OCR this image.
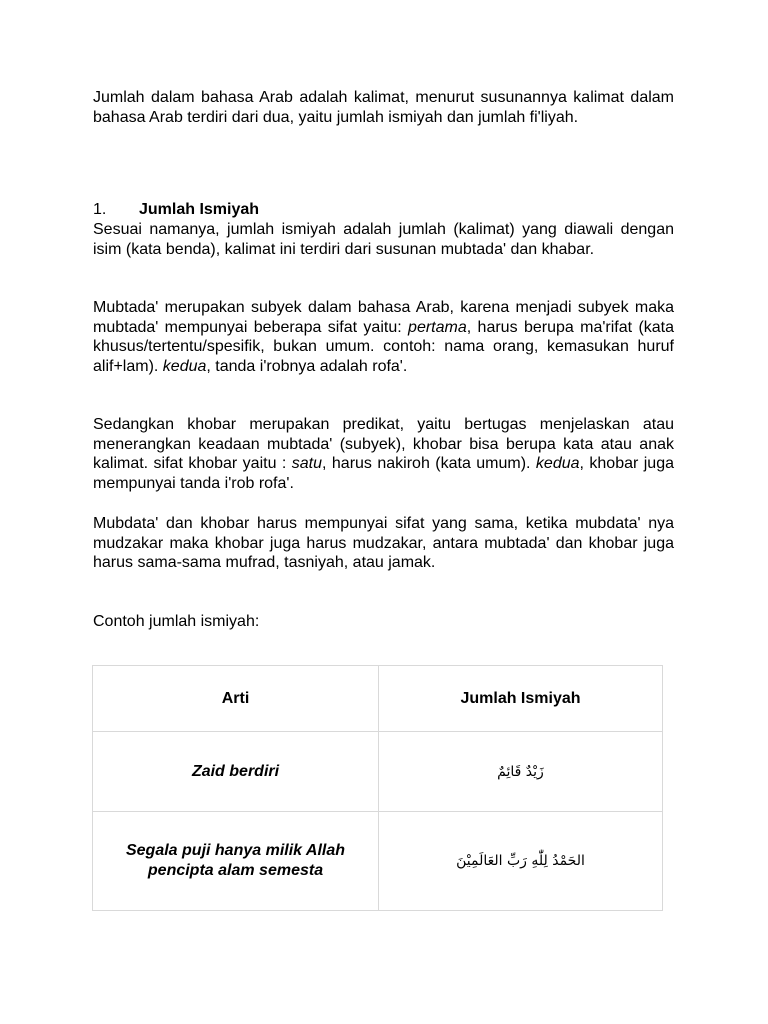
Jumlah dalam bahasa Arab adalah kalimat, menurut susunannya kalimat dalam bahasa Arab terdiri dari dua, yaitu jumlah ismiyah dan jumlah fi'liyah.

1. Jumlah Ismiyah

Sesuai namanya, jumlah ismiyah adalah jumlah (kalimat) yang diawali dengan isim (kata benda), kalimat ini terdiri dari susunan mubtada' dan khabar.

Mubtada' merupakan subyek dalam bahasa Arab, karena menjadi subyek maka mubtada' mempunyai beberapa sifat yaitu: pertama, harus berupa ma'rifat (kata khusus/tertentu/spesifik, bukan umum. contoh: nama orang, kemasukan huruf alif+lam). kedua, tanda i'robnya adalah rofa'.

Sedangkan khobar merupakan predikat, yaitu bertugas menjelaskan atau menerangkan keadaan mubtada' (subyek), khobar bisa berupa kata atau anak kalimat. sifat khobar yaitu : satu, harus nakiroh (kata umum). kedua, khobar juga mempunyai tanda i'rob rofa'.

Mubdata' dan khobar harus mempunyai sifat yang sama, ketika mubdata' nya mudzakar maka khobar juga harus mudzakar, antara mubtada' dan khobar juga harus sama-sama mufrad, tasniyah, atau jamak.

Contoh jumlah ismiyah:

Arti	Jumlah Ismiyah
Zaid berdiri	زَيْدٌ قَائِمٌ
Segala puji hanya milik Allah pencipta alam semesta	الحَمْدُ لِلّٰهِ رَبِّ العَالَمِيْنَ
